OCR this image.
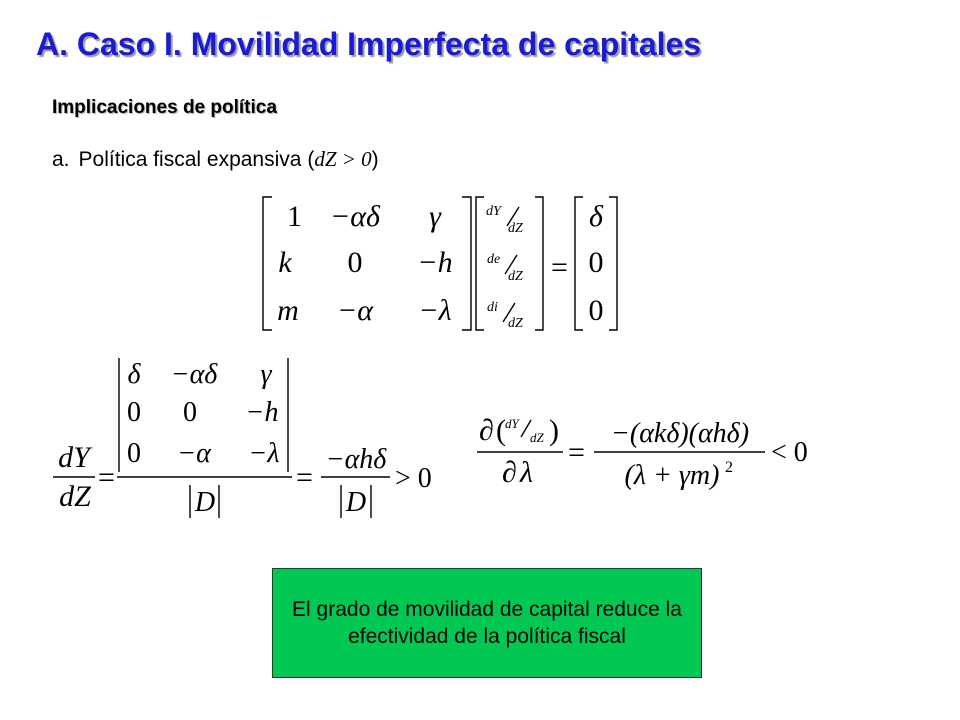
A. Caso I. Movilidad Imperfecta de capitales
Implicaciones de política
a. Política fiscal expansiva (dZ > 0)
1 −αδ γ
k 0 −h
m −α −λ
dY
dZ
de
dZ
di
dZ
=
δ
0
0
dY
dZ
=
δ −αδ γ
0 0 −h
0 −α −λ
D
=
−αhδ
D
> 0
∂ ( dY
dZ )
∂ λ
=
−(αkδ)(αhδ)
(λ + γm) 2 < 0
El grado de movilidad de capital reduce la efectividad de la política fiscal
